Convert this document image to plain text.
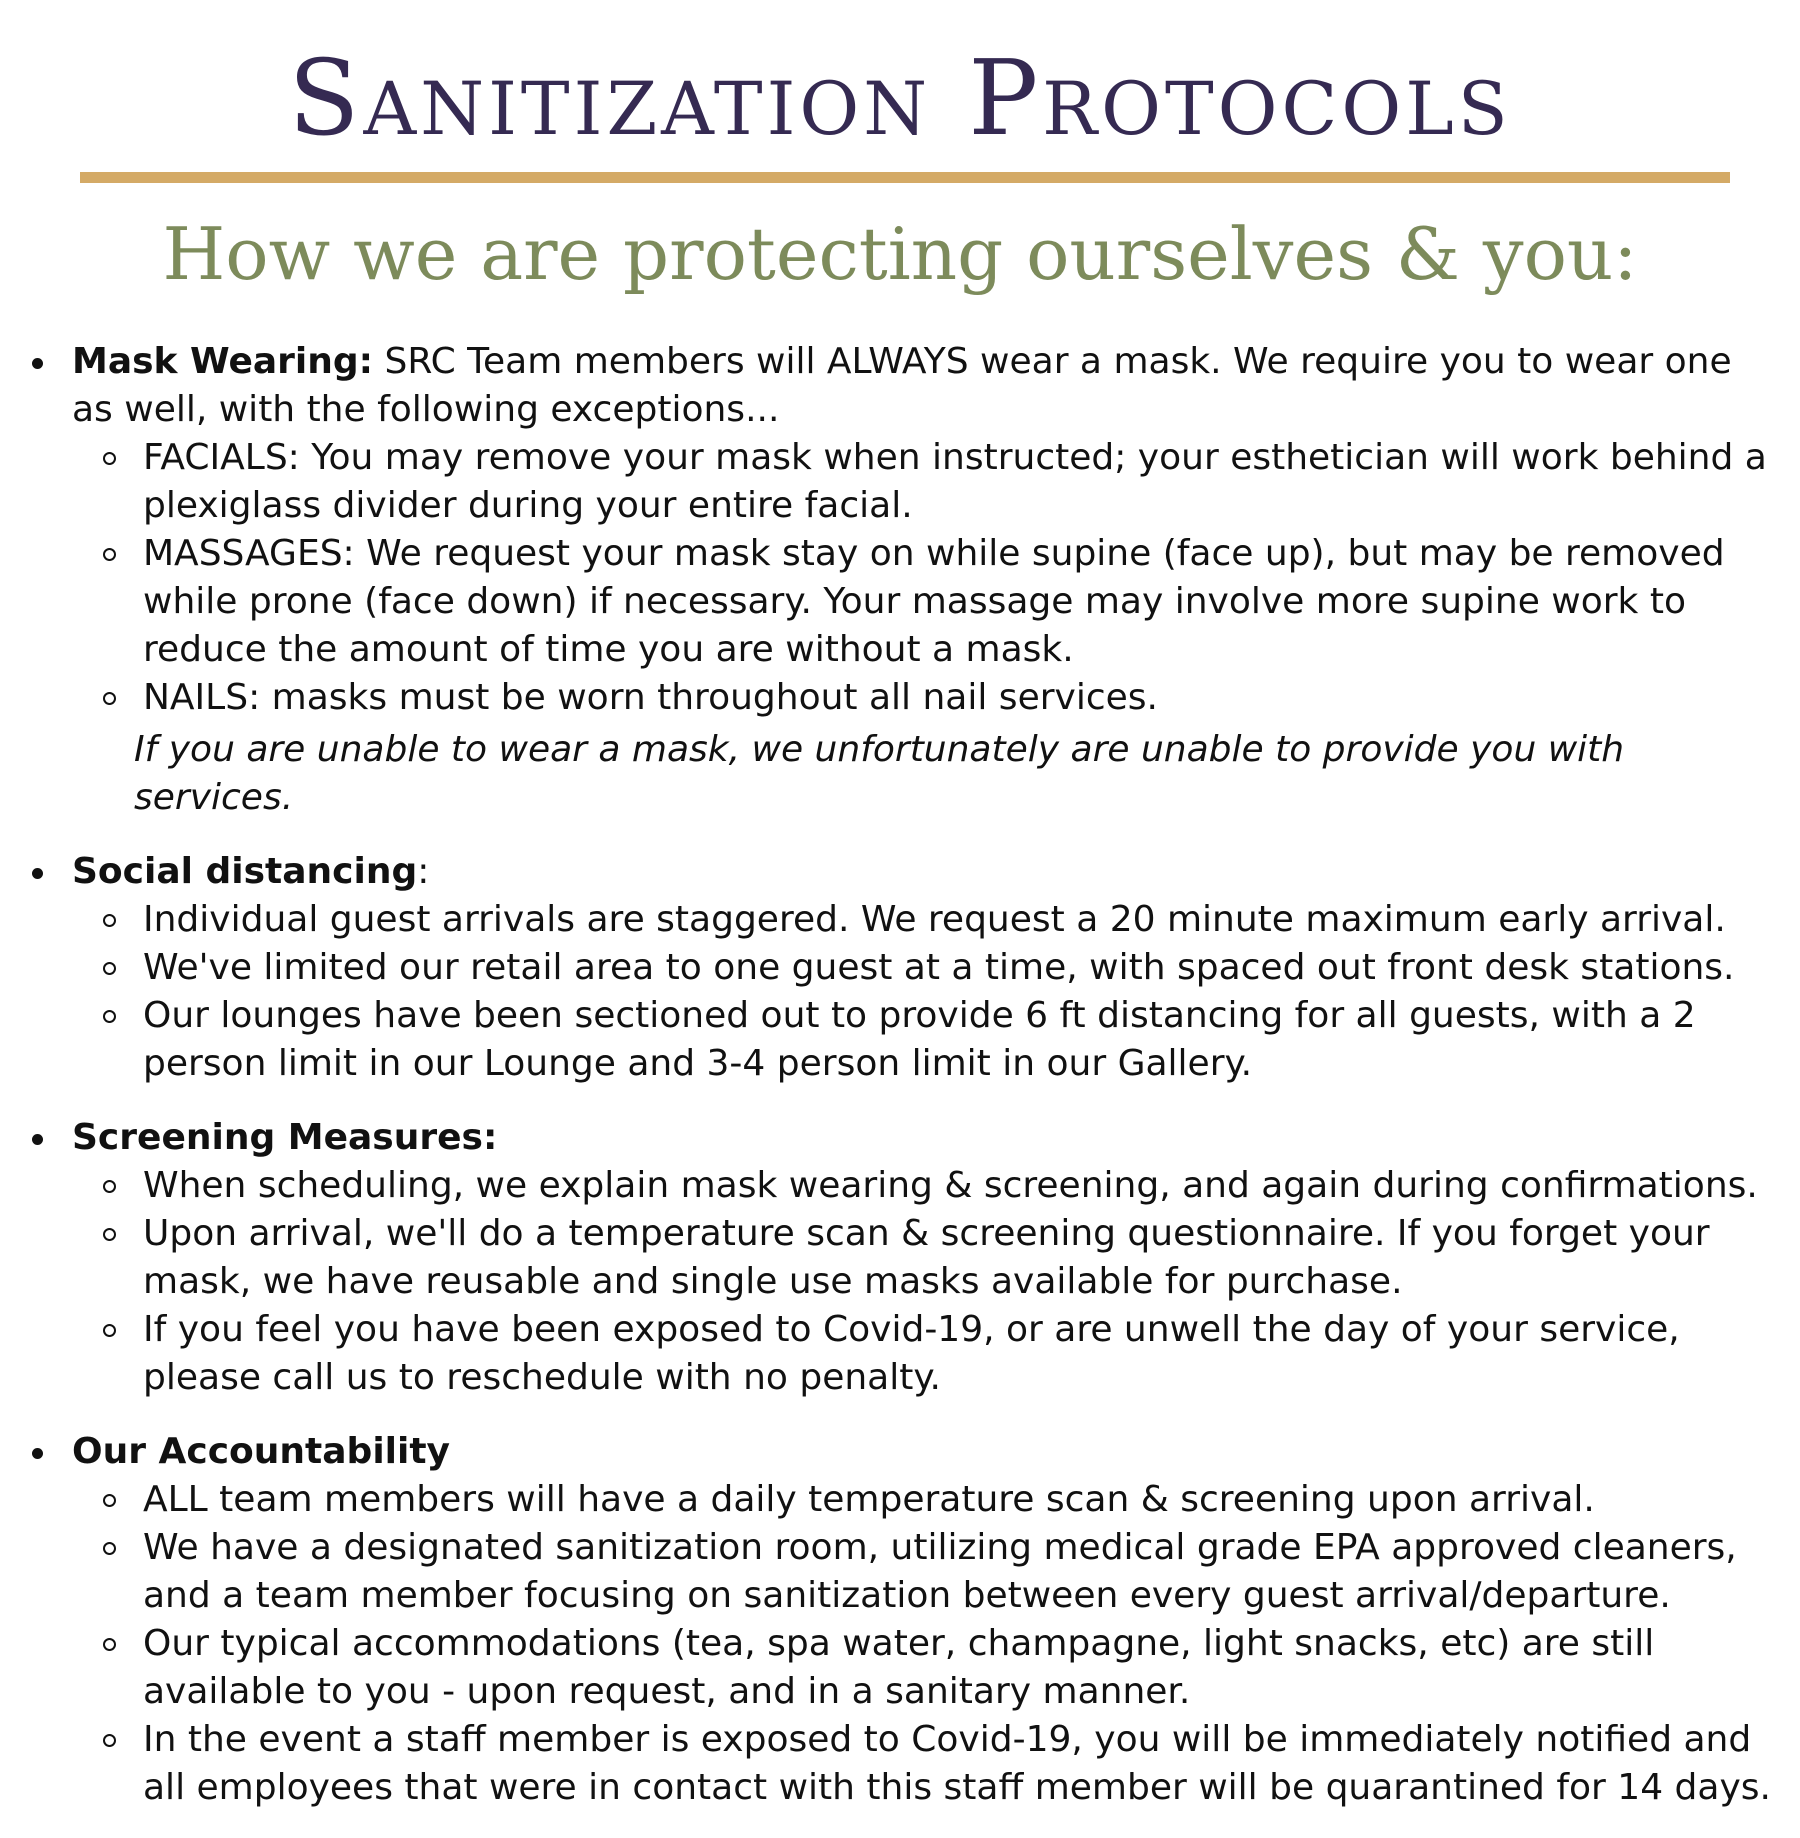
Sanitization Protocols
How we are protecting ourselves & you:
Mask Wearing: SRC Team members will ALWAYS wear a mask. We require you to wear one as well, with the following exceptions...
FACIALS: You may remove your mask when instructed; your esthetician will work behind a plexiglass divider during your entire facial.
MASSAGES: We request your mask stay on while supine (face up), but may be removed while prone (face down) if necessary. Your massage may involve more supine work to reduce the amount of time you are without a mask.
NAILS: masks must be worn throughout all nail services.
If you are unable to wear a mask, we unfortunately are unable to provide you with services.
Social distancing:
Individual guest arrivals are staggered. We request a 20 minute maximum early arrival.
We've limited our retail area to one guest at a time, with spaced out front desk stations.
Our lounges have been sectioned out to provide 6 ft distancing for all guests, with a 2 person limit in our Lounge and 3-4 person limit in our Gallery.
Screening Measures:
When scheduling, we explain mask wearing & screening, and again during confirmations.
Upon arrival, we'll do a temperature scan & screening questionnaire. If you forget your mask, we have reusable and single use masks available for purchase.
If you feel you have been exposed to Covid-19, or are unwell the day of your service, please call us to reschedule with no penalty.
Our Accountability
ALL team members will have a daily temperature scan & screening upon arrival.
We have a designated sanitization room, utilizing medical grade EPA approved cleaners, and a team member focusing on sanitization between every guest arrival/departure.
Our typical accommodations (tea, spa water, champagne, light snacks, etc) are still available to you - upon request, and in a sanitary manner.
In the event a staff member is exposed to Covid-19, you will be immediately notified and all employees that were in contact with this staff member will be quarantined for 14 days.
